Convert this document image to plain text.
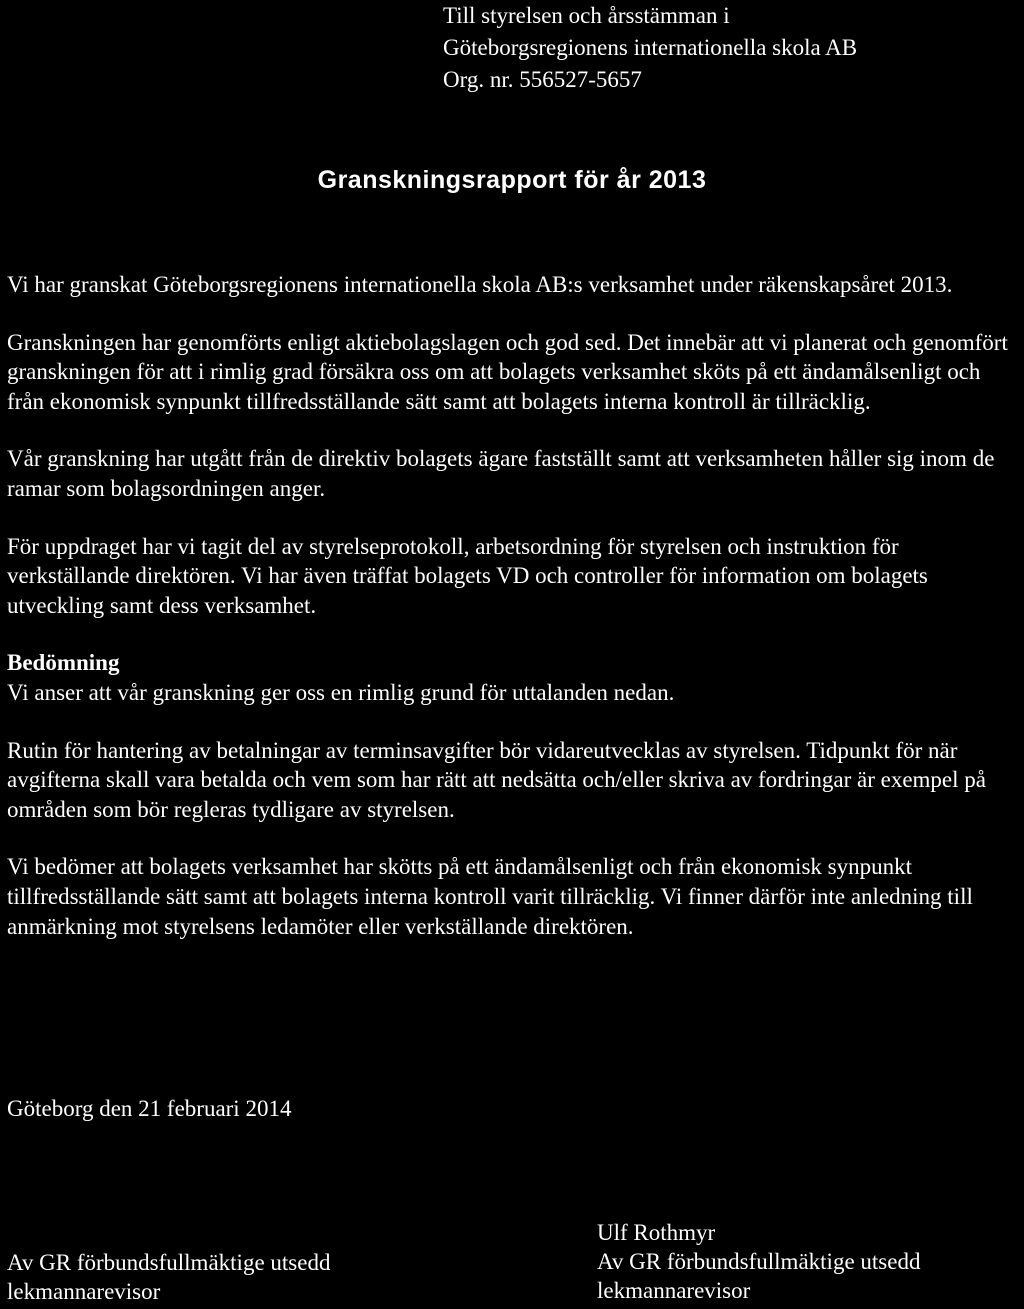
Till styrelsen och årsstämman i
Göteborgsregionens internationella skola AB
Org. nr. 556527-5657
Granskningsrapport för år 2013

Vi har granskat Göteborgsregionens internationella skola AB:s verksamhet under räkenskapsåret 2013.

Granskningen har genomförts enligt aktiebolagslagen och god sed. Det innebär att vi planerat och genomfört granskningen för att i rimlig grad försäkra oss om att bolagets verksamhet sköts på ett ändamålsenligt och från ekonomisk synpunkt tillfredsställande sätt samt att bolagets interna kontroll är tillräcklig.

Vår granskning har utgått från de direktiv bolagets ägare fastställt samt att verksamheten håller sig inom de ramar som bolagsordningen anger.

För uppdraget har vi tagit del av styrelseprotokoll, arbetsordning för styrelsen och instruktion för verkställande direktören. Vi har även träffat bolagets VD och controller för information om bolagets utveckling samt dess verksamhet.

Bedömning

Vi anser att vår granskning ger oss en rimlig grund för uttalanden nedan.

Rutin för hantering av betalningar av terminsavgifter bör vidareutvecklas av styrelsen. Tidpunkt för när avgifterna skall vara betalda och vem som har rätt att nedsätta och/eller skriva av fordringar är exempel på områden som bör regleras tydligare av styrelsen.

Vi bedömer att bolagets verksamhet har skötts på ett ändamålsenligt och från ekonomisk synpunkt tillfredsställande sätt samt att bolagets interna kontroll varit tillräcklig. Vi finner därför inte anledning till anmärkning mot styrelsens ledamöter eller verkställande direktören.

Göteborg den 21 februari 2014
Av GR förbundsfullmäktige utsedd
lekmannarevisor
Ulf Rothmyr
Av GR förbundsfullmäktige utsedd
lekmannarevisor
